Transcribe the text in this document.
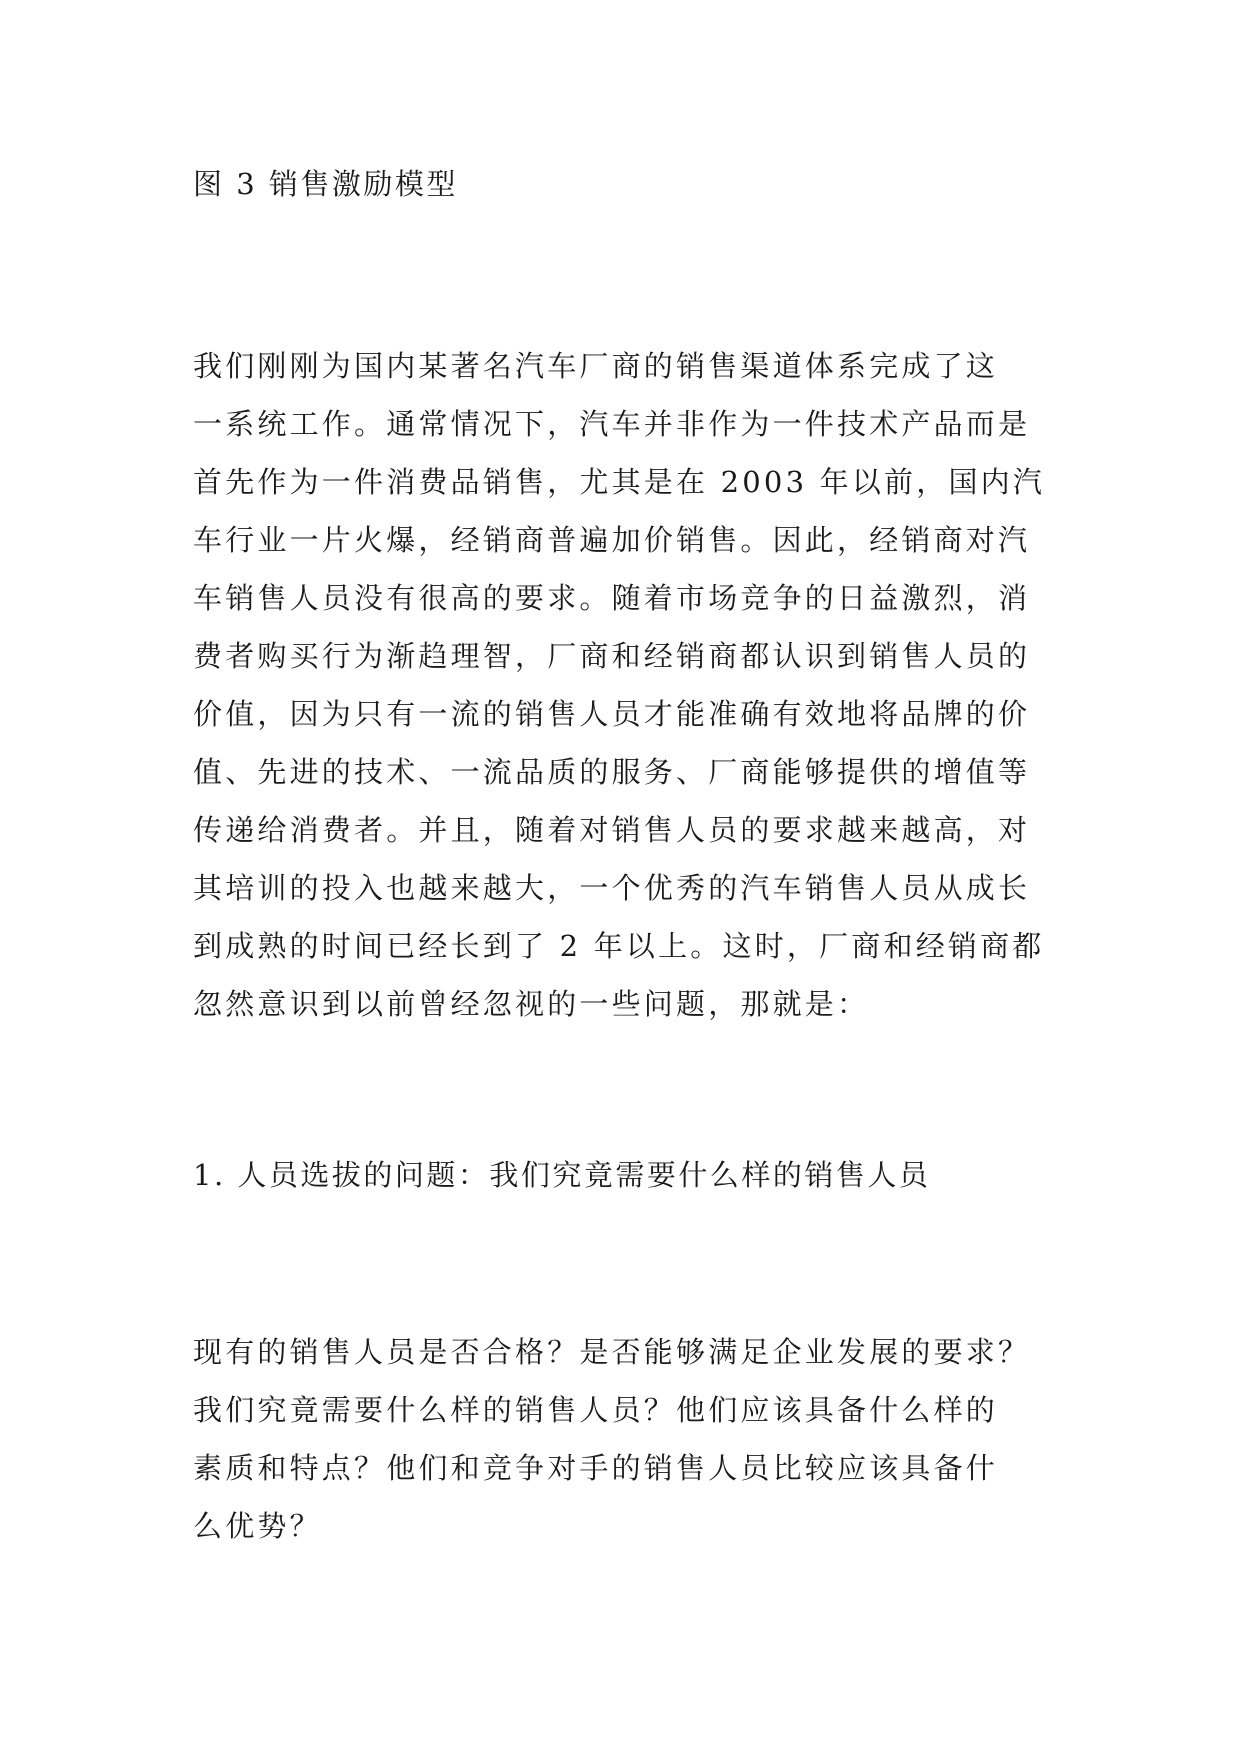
图 3 销售激励模型

我们刚刚为国内某著名汽车厂商的销售渠道体系完成了这
一系统工作。通常情况下，汽车并非作为一件技术产品而是
首先作为一件消费品销售，尤其是在 2003 年以前，国内汽
车行业一片火爆，经销商普遍加价销售。因此，经销商对汽
车销售人员没有很高的要求。随着市场竞争的日益激烈，消
费者购买行为渐趋理智，厂商和经销商都认识到销售人员的
价值，因为只有一流的销售人员才能准确有效地将品牌的价
值、先进的技术、一流品质的服务、厂商能够提供的增值等
传递给消费者。并且，随着对销售人员的要求越来越高，对
其培训的投入也越来越大，一个优秀的汽车销售人员从成长
到成熟的时间已经长到了 2 年以上。这时，厂商和经销商都
忽然意识到以前曾经忽视的一些问题，那就是：

1. 人员选拔的问题：我们究竟需要什么样的销售人员

现有的销售人员是否合格？是否能够满足企业发展的要求？
我们究竟需要什么样的销售人员？他们应该具备什么样的
素质和特点？他们和竞争对手的销售人员比较应该具备什
么优势？
